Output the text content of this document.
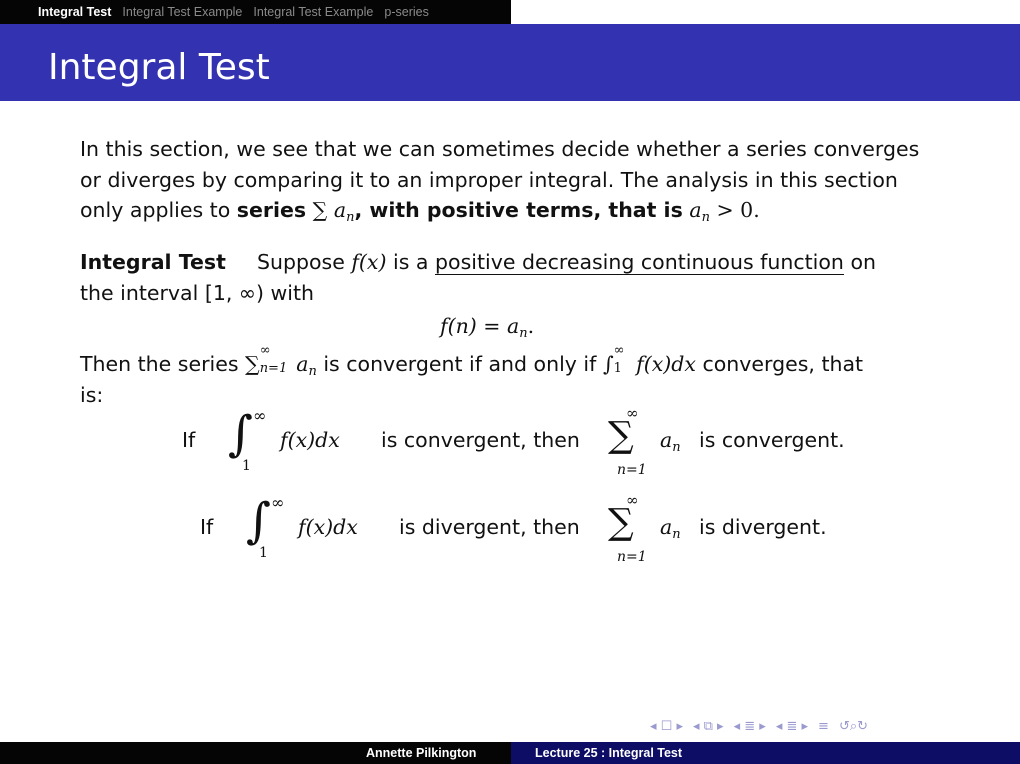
Integral Test Integral Test Example Integral Test Example p-series
Integral Test
In this section, we see that we can sometimes decide whether a series converges
or diverges by comparing it to an improper integral. The analysis in this section
only applies to series ∑ $a_n$, with positive terms, that is $a_n > 0$.
Integral Test Suppose f(x) is a positive decreasing continuous function on
the interval [1, ∞) with
$f(n) = a_n$.
Then the series ∑
∞
n=1 $a_n$ is convergent if and only if ∫
∞
1 f(x)dx converges, that
is:
If ∫ ∞
1
f(x)dx is convergent, then
∞
∑
n=1
$a_n$ is convergent.
If ∫ ∞
1
f(x)dx is divergent, then
∞
∑
n=1
$a_n$ is divergent.
◂ ☐ ▸ ◂ ⧉ ▸ ◂ ≣ ▸ ◂ ≣ ▸ ≡ ↺⌕↻
Annette Pilkington	Lecture 25 : Integral Test
